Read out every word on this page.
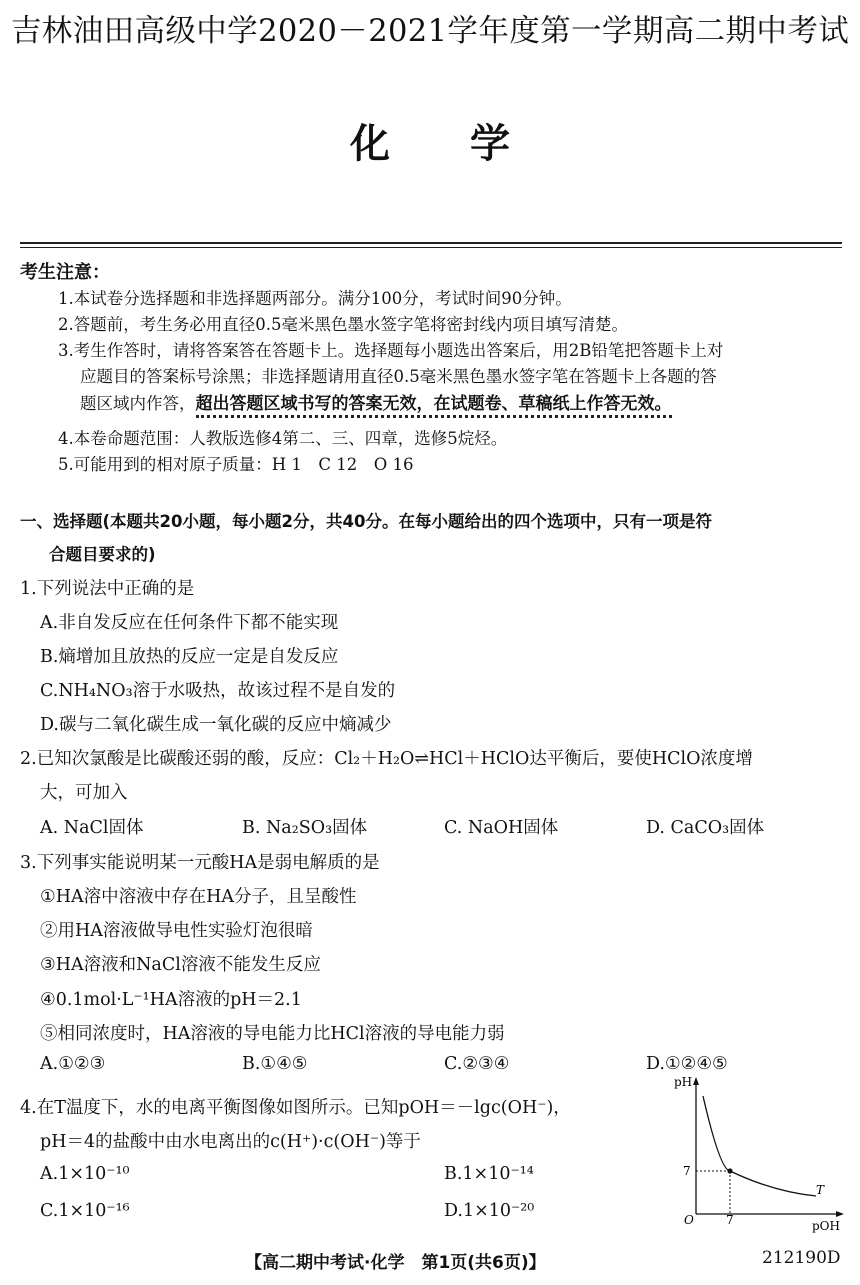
吉林油田高级中学2020－2021学年度第一学期高二期中考试
化 学
考生注意：
1.本试卷分选择题和非选择题两部分。满分100分，考试时间90分钟。
2.答题前，考生务必用直径0.5毫米黑色墨水签字笔将密封线内项目填写清楚。
3.考生作答时，请将答案答在答题卡上。选择题每小题选出答案后，用2B铅笔把答题卡上对
应题目的答案标号涂黑；非选择题请用直径0.5毫米黑色墨水签字笔在答题卡上各题的答
题区域内作答，超出答题区域书写的答案无效，在试题卷、草稿纸上作答无效。
4.本卷命题范围：人教版选修4第二、三、四章，选修5烷烃。
5.可能用到的相对原子质量：H 1　C 12　O 16
一、选择题(本题共20小题，每小题2分，共40分。在每小题给出的四个选项中，只有一项是符
合题目要求的)
1.下列说法中正确的是
A.非自发反应在任何条件下都不能实现
B.熵增加且放热的反应一定是自发反应
C.NH₄NO₃溶于水吸热，故该过程不是自发的
D.碳与二氧化碳生成一氧化碳的反应中熵减少
2.已知次氯酸是比碳酸还弱的酸，反应：Cl₂＋H₂O⇌HCl＋HClO达平衡后，要使HClO浓度增
大，可加入
A. NaCl固体	B. Na₂SO₃固体	C. NaOH固体	D. CaCO₃固体
3.下列事实能说明某一元酸HA是弱电解质的是
①HA溶中溶液中存在HA分子，且呈酸性
②用HA溶液做导电性实验灯泡很暗
③HA溶液和NaCl溶液不能发生反应
④0.1mol·L⁻¹HA溶液的pH＝2.1
⑤相同浓度时，HA溶液的导电能力比HCl溶液的导电能力弱
A.①②③	B.①④⑤	C.②③④	D.①②④⑤
4.在T温度下，水的电离平衡图像如图所示。已知pOH＝－lgc(OH⁻)，
pH＝4的盐酸中由水电离出的c(H⁺)·c(OH⁻)等于
A.1×10⁻¹⁰	B.1×10⁻¹⁴
C.1×10⁻¹⁶	D.1×10⁻²⁰
pH
pOH
O	7
7
T
【高二期中考试·化学　第1页(共6页)】	212190D
